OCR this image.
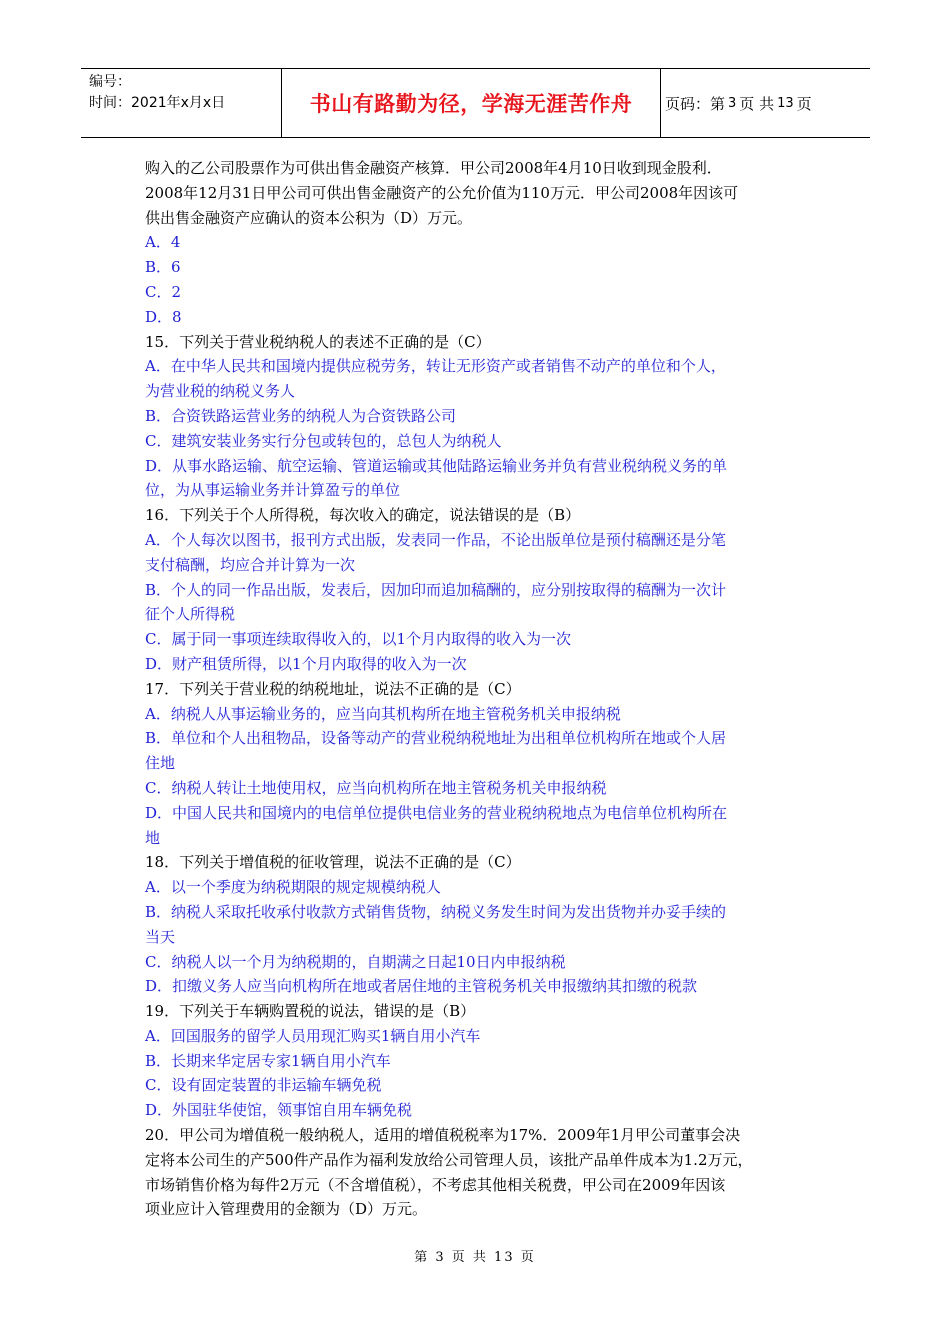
编号：
时间：2021年x月x日	书山有路勤为径，学海无涯苦作舟	页码：第 3 页 共 13 页
购入的乙公司股票作为可供出售金融资产核算．甲公司2008年4月10日收到现金股利．
2008年12月31日甲公司可供出售金融资产的公允价值为110万元．甲公司2008年因该可
供出售金融资产应确认的资本公积为（D）万元。
A．4
B．6
C．2
D．8
15．下列关于营业税纳税人的表述不正确的是（C）
A．在中华人民共和国境内提供应税劳务，转让无形资产或者销售不动产的单位和个人，
为营业税的纳税义务人
B．合资铁路运营业务的纳税人为合资铁路公司
C．建筑安装业务实行分包或转包的，总包人为纳税人
D．从事水路运输、航空运输、管道运输或其他陆路运输业务并负有营业税纳税义务的单
位，为从事运输业务并计算盈亏的单位
16．下列关于个人所得税，每次收入的确定，说法错误的是（B）
A．个人每次以图书，报刊方式出版，发表同一作品，不论出版单位是预付稿酬还是分笔
支付稿酬，均应合并计算为一次
B．个人的同一作品出版，发表后，因加印而追加稿酬的，应分别按取得的稿酬为一次计
征个人所得税
C．属于同一事项连续取得收入的，以1个月内取得的收入为一次
D．财产租赁所得，以1个月内取得的收入为一次
17．下列关于营业税的纳税地址，说法不正确的是（C）
A．纳税人从事运输业务的，应当向其机构所在地主管税务机关申报纳税
B．单位和个人出租物品，设备等动产的营业税纳税地址为出租单位机构所在地或个人居
住地
C．纳税人转让土地使用权，应当向机构所在地主管税务机关申报纳税
D．中国人民共和国境内的电信单位提供电信业务的营业税纳税地点为电信单位机构所在
地
18．下列关于增值税的征收管理，说法不正确的是（C）
A．以一个季度为纳税期限的规定规模纳税人
B．纳税人采取托收承付收款方式销售货物，纳税义务发生时间为发出货物并办妥手续的
当天
C．纳税人以一个月为纳税期的，自期满之日起10日内申报纳税
D．扣缴义务人应当向机构所在地或者居住地的主管税务机关申报缴纳其扣缴的税款
19．下列关于车辆购置税的说法，错误的是（B）
A．回国服务的留学人员用现汇购买1辆自用小汽车
B．长期来华定居专家1辆自用小汽车
C．设有固定装置的非运输车辆免税
D．外国驻华使馆，领事馆自用车辆免税
20．甲公司为增值税一般纳税人，适用的增值税税率为17%．2009年1月甲公司董事会决
定将本公司生的产500件产品作为福利发放给公司管理人员，该批产品单件成本为1.2万元，
市场销售价格为每件2万元（不含增值税），不考虑其他相关税费，甲公司在2009年因该
项业应计入管理费用的金额为（D）万元。
第 3 页 共 13 页
